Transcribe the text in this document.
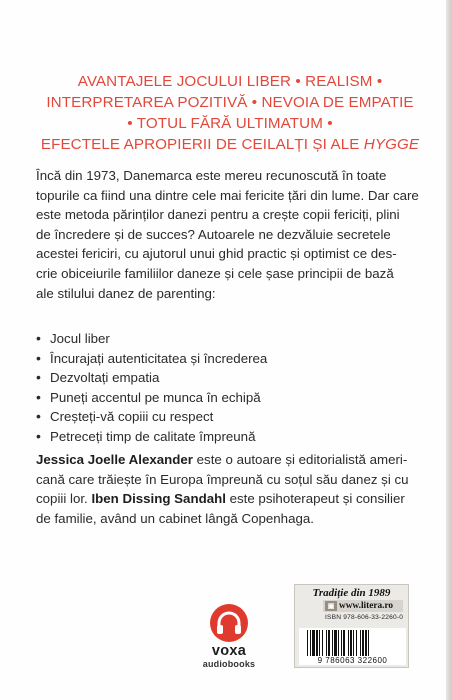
AVANTAJELE JOCULUI LIBER • REALISM •
INTERPRETAREA POZITIVĂ • NEVOIA DE EMPATIE
• TOTUL FĂRĂ ULTIMATUM •
EFECTELE APROPIERII DE CEILALȚI ȘI ALE HYGGE
Încă din 1973, Danemarca este mereu recunoscută în toate
topurile ca fiind una dintre cele mai fericite țări din lume. Dar care
este metoda părinților danezi pentru a crește copii fericiți, plini
de încredere și de succes? Autoarele ne dezvăluie secretele
acestei fericiri, cu ajutorul unui ghid practic și optimist ce des-
crie obiceiurile familiilor daneze și cele șase principii de bază
ale stilului danez de parenting:
• Jocul liber
• Încurajați autenticitatea și încrederea
• Dezvoltați empatia
• Puneți accentul pe munca în echipă
• Creșteți-vă copiii cu respect
• Petreceți timp de calitate împreună
Jessica Joelle Alexander este o autoare și editorialistă ameri-
cană care trăiește în Europa împreună cu soțul său danez și cu
copiii lor. Iben Dissing Sandahl este psihoterapeut și consilier
de familie, având un cabinet lângă Copenhaga.
voxa
audiobooks
Tradiție din 1989
▣ www.litera.ro
ISBN 978-606-33-2260-0
9 786063 322600
